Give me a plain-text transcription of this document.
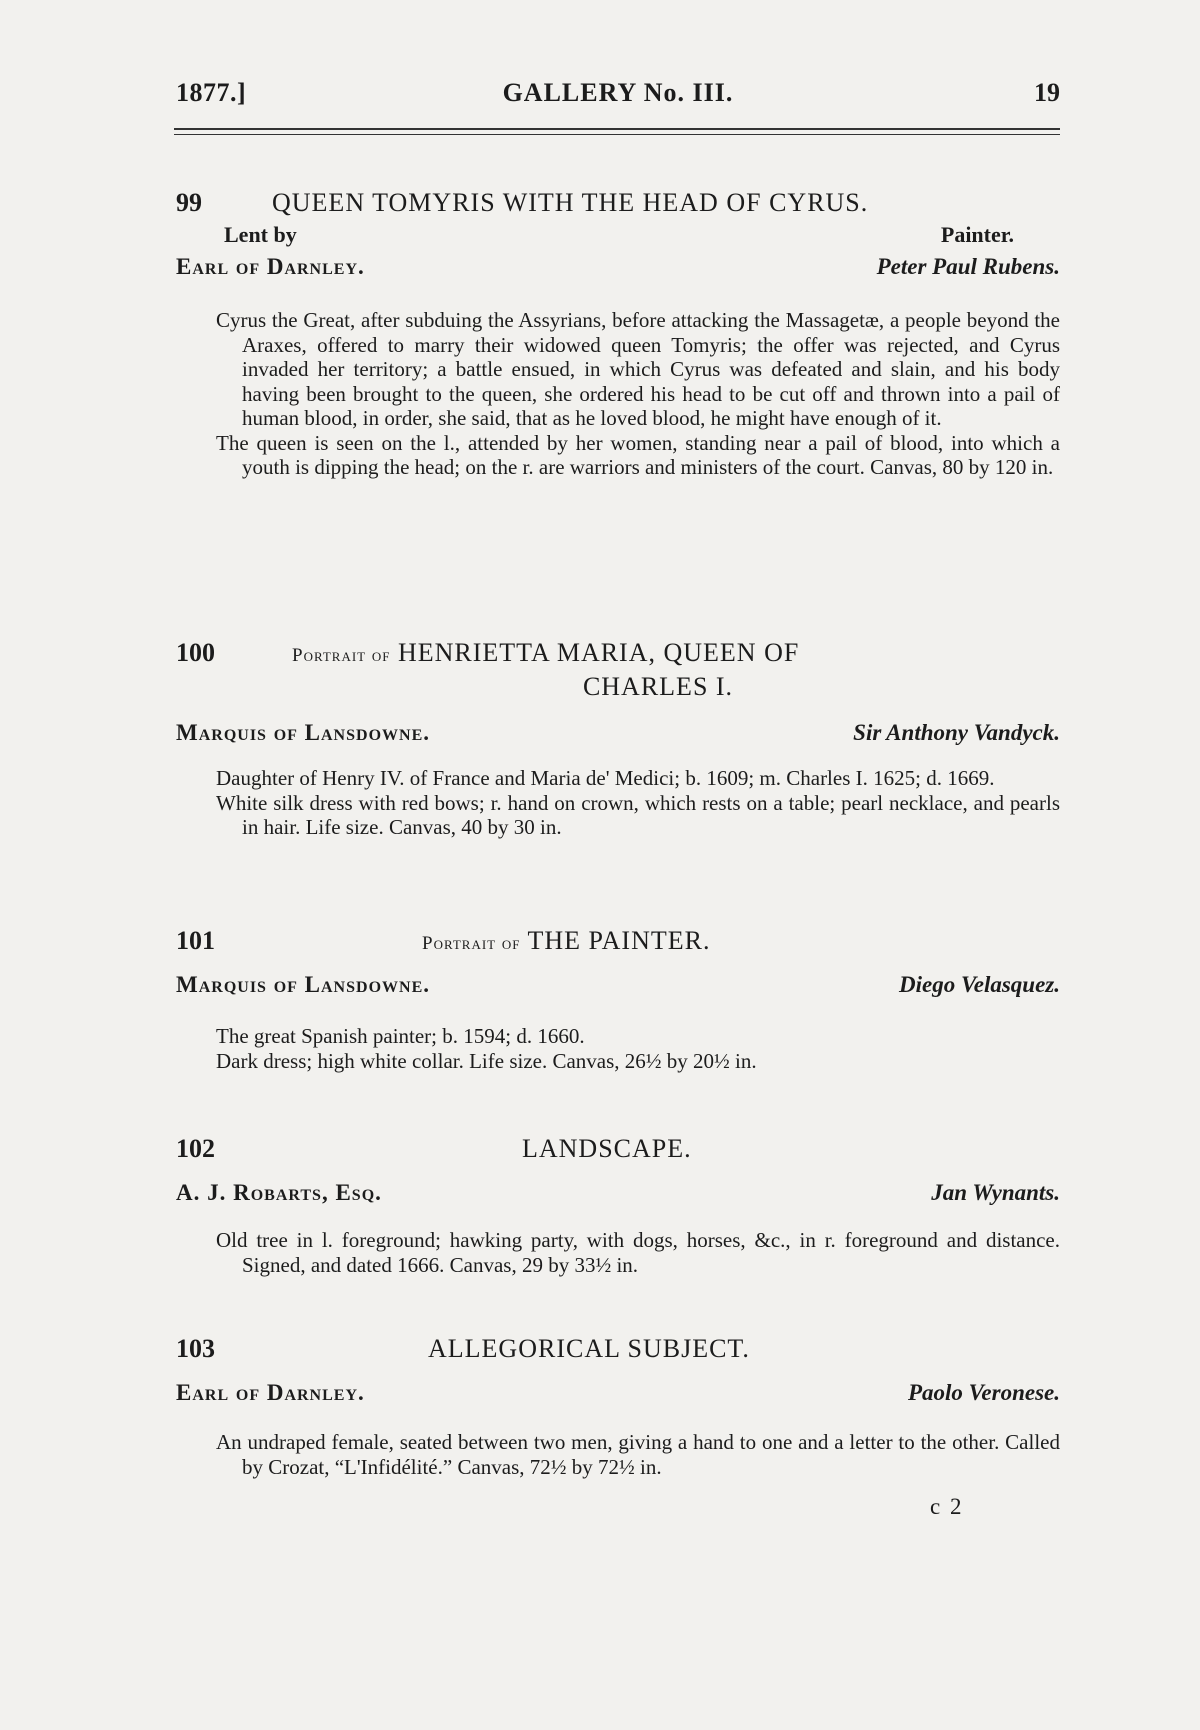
1877.]	GALLERY No. III.	19
99	QUEEN TOMYRIS WITH THE HEAD OF CYRUS.
Lent by	Painter.
Earl of Darnley.	Peter Paul Rubens.

Cyrus the Great, after subduing the Assyrians, before attacking the Massagetæ, a people beyond the Araxes, offered to marry their widowed queen Tomyris; the offer was rejected, and Cyrus invaded her territory; a battle ensued, in which Cyrus was defeated and slain, and his body having been brought to the queen, she ordered his head to be cut off and thrown into a pail of human blood, in order, she said, that as he loved blood, he might have enough of it.

The queen is seen on the l., attended by her women, standing near a pail of blood, into which a youth is dipping the head; on the r. are warriors and ministers of the court. Canvas, 80 by 120 in.

100	Portrait of HENRIETTA MARIA, QUEEN OF
CHARLES I.
Marquis of Lansdowne.	Sir Anthony Vandyck.

Daughter of Henry IV. of France and Maria de' Medici; b. 1609; m. Charles I. 1625; d. 1669.

White silk dress with red bows; r. hand on crown, which rests on a table; pearl necklace, and pearls in hair. Life size. Canvas, 40 by 30 in.

101	Portrait of THE PAINTER.
Marquis of Lansdowne.	Diego Velasquez.

The great Spanish painter; b. 1594; d. 1660.

Dark dress; high white collar. Life size. Canvas, 26½ by 20½ in.

102	LANDSCAPE.
A. J. Robarts, Esq.	Jan Wynants.

Old tree in l. foreground; hawking party, with dogs, horses, &c., in r. foreground and distance. Signed, and dated 1666. Canvas, 29 by 33½ in.

103	ALLEGORICAL SUBJECT.
Earl of Darnley.	Paolo Veronese.

An undraped female, seated between two men, giving a hand to one and a letter to the other. Called by Crozat, “L'Infidélité.” Canvas, 72½ by 72½ in.

c 2
